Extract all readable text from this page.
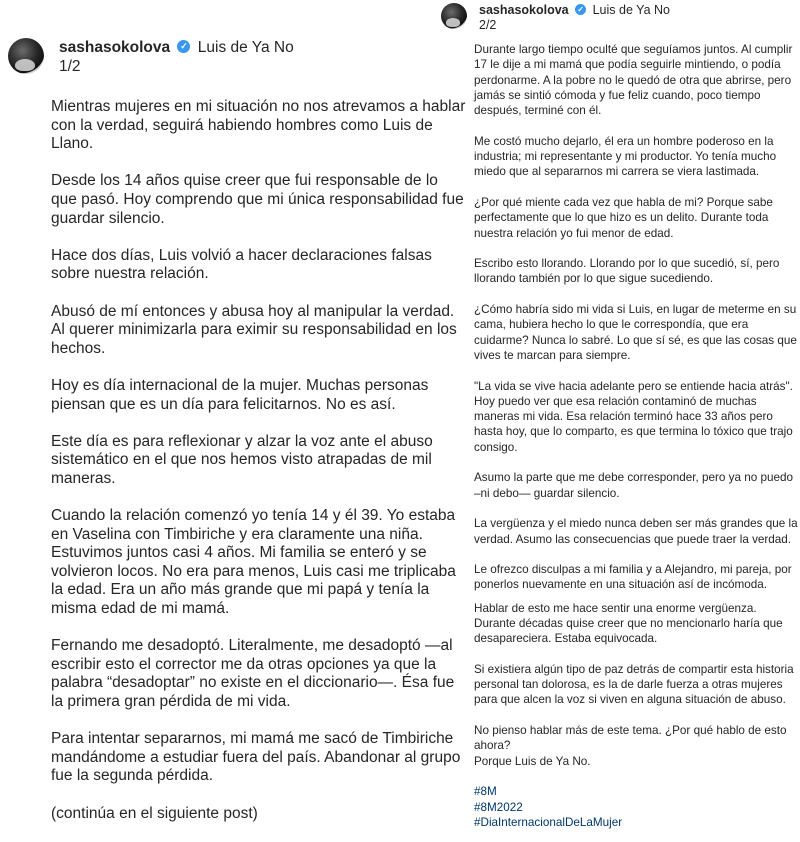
sashasokolova ✓ Luis de Ya No
1/2

Mientras mujeres en mi situación no nos atrevamos a hablar con la verdad, seguirá habiendo hombres como Luis de Llano.

Desde los 14 años quise creer que fui responsable de lo que pasó. Hoy comprendo que mi única responsabilidad fue guardar silencio.

Hace dos días, Luis volvió a hacer declaraciones falsas sobre nuestra relación.

Abusó de mí entonces y abusa hoy al manipular la verdad. Al querer minimizarla para eximir su responsabilidad en los hechos.

Hoy es día internacional de la mujer. Muchas personas piensan que es un día para felicitarnos. No es así.

Este día es para reflexionar y alzar la voz ante el abuso sistemático en el que nos hemos visto atrapadas de mil maneras.

Cuando la relación comenzó yo tenía 14 y él 39. Yo estaba en Vaselina con Timbiriche y era claramente una niña. Estuvimos juntos casi 4 años. Mi familia se enteró y se volvieron locos. No era para menos, Luis casi me triplicaba la edad. Era un año más grande que mi papá y tenía la misma edad de mi mamá.

Fernando me desadoptó. Literalmente, me desadoptó —al escribir esto el corrector me da otras opciones ya que la palabra “desadoptar” no existe en el diccionario—. Ésa fue la primera gran pérdida de mi vida.

Para intentar separarnos, mi mamá me sacó de Timbiriche mandándome a estudiar fuera del país. Abandonar al grupo fue la segunda pérdida.

(continúa en el siguiente post)

sashasokolova ✓ Luis de Ya No
2/2

Durante largo tiempo oculté que seguíamos juntos. Al cumplir 17 le dije a mi mamá que podía seguirle mintiendo, o podía perdonarme. A la pobre no le quedó de otra que abrirse, pero jamás se sintió cómoda y fue feliz cuando, poco tiempo después, terminé con él.

Me costó mucho dejarlo, él era un hombre poderoso en la industria; mi representante y mi productor. Yo tenía mucho miedo que al separarnos mi carrera se viera lastimada.

¿Por qué miente cada vez que habla de mi? Porque sabe perfectamente que lo que hizo es un delito. Durante toda nuestra relación yo fui menor de edad.

Escribo esto llorando. Llorando por lo que sucedió, sí, pero llorando también por lo que sigue sucediendo.

¿Cómo habría sido mi vida si Luis, en lugar de meterme en su cama, hubiera hecho lo que le correspondía, que era cuidarme? Nunca lo sabré. Lo que sí sé, es que las cosas que vives te marcan para siempre.

"La vida se vive hacia adelante pero se entiende hacia atrás". Hoy puedo ver que esa relación contaminó de muchas maneras mi vida. Esa relación terminó hace 33 años pero hasta hoy, que lo comparto, es que termina lo tóxico que trajo consigo.

Asumo la parte que me debe corresponder, pero ya no puedo –ni debo— guardar silencio.

La vergüenza y el miedo nunca deben ser más grandes que la verdad. Asumo las consecuencias que puede traer la verdad.

Le ofrezco disculpas a mi familia y a Alejandro, mi pareja, por ponerlos nuevamente en una situación así de incómoda.

Hablar de esto me hace sentir una enorme vergüenza. Durante décadas quise creer que no mencionarlo haría que desapareciera. Estaba equivocada.

Si existiera algún tipo de paz detrás de compartir esta historia personal tan dolorosa, es la de darle fuerza a otras mujeres para que alcen la voz si viven en alguna situación de abuso.

No pienso hablar más de este tema. ¿Por qué hablo de esto ahora?

Porque Luis de Ya No.

#8M
#8M2022
#DiaInternacionalDeLaMujer
